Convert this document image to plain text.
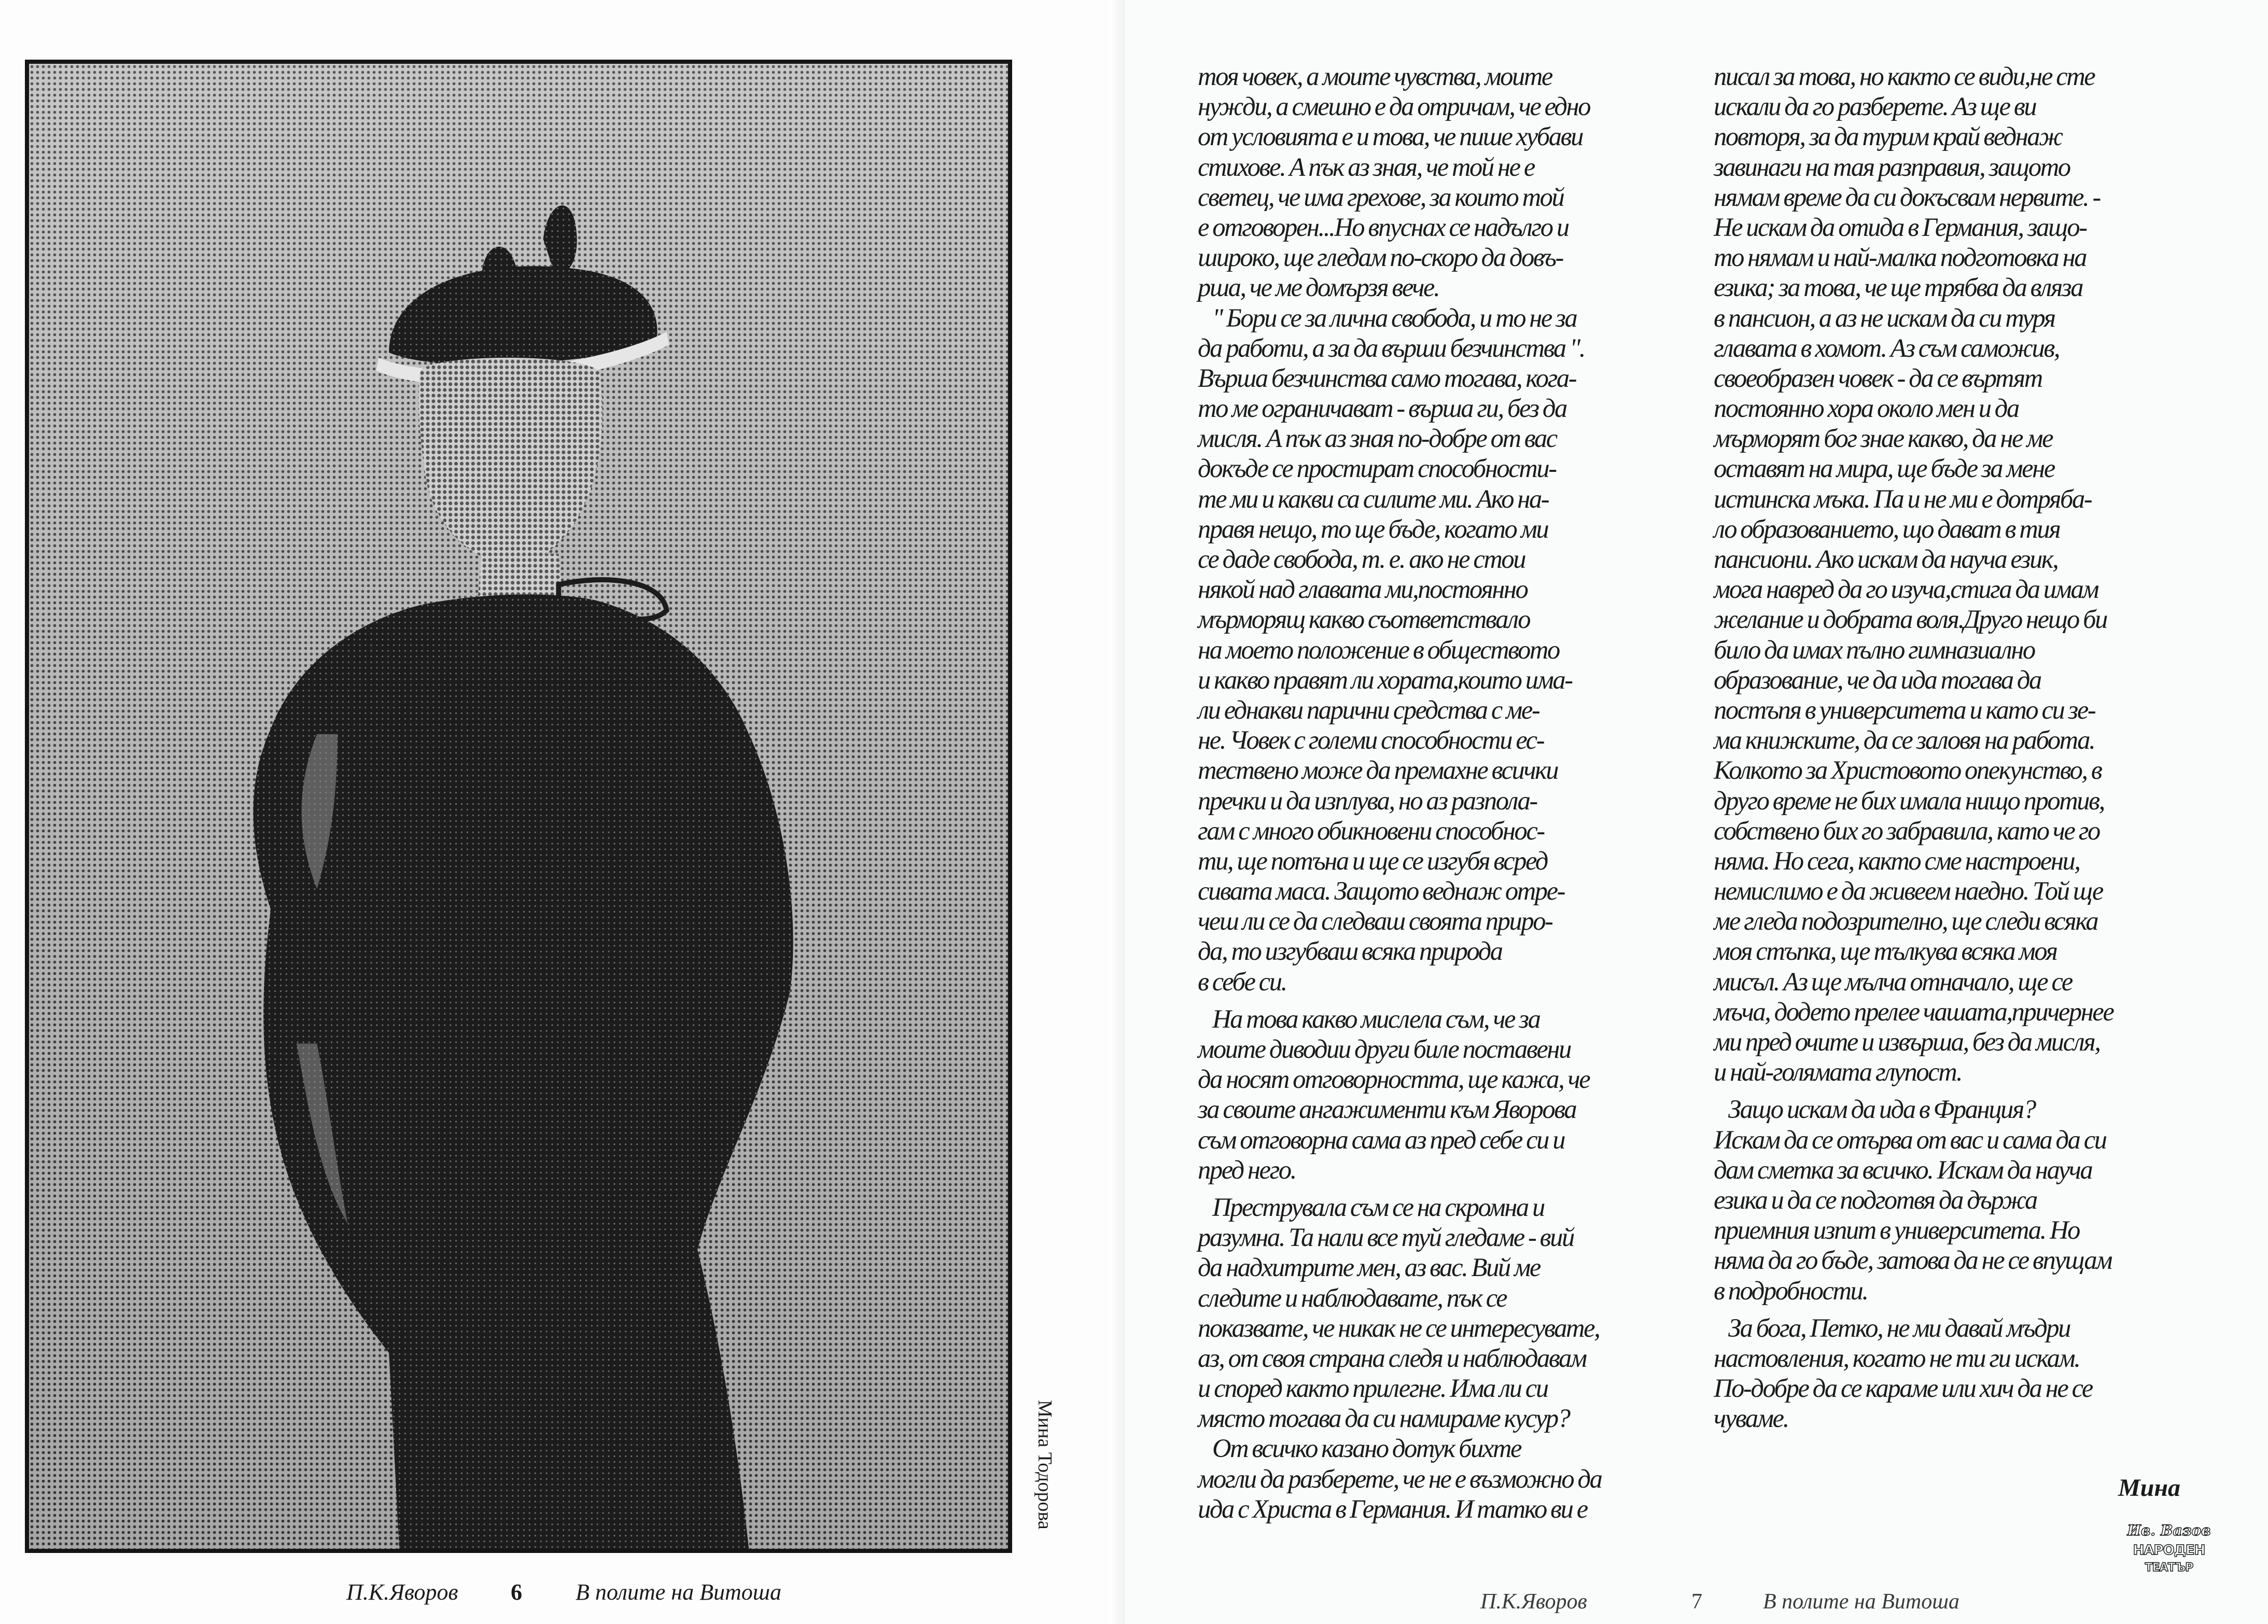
Мина Тодорова
П.К.Яворов 6 В полите на Витоша
тоя човек, а моите чувства, моите
нужди, а смешно е да отричам, че едно
от условията е и това, че пише хубави
стихове. А пък аз зная, че той не е
светец, че има грехове, за които той
е отговорен...Но впуснах се надълго и
широко, ще гледам по-скоро да довъ-
рша, че ме домързя вече.
" Бори се за лична свобода, и то не за
да работи, а за да върши безчинства ".
Върша безчинства само тогава, кога-
то ме ограничават - върша ги, без да
мисля. А пък аз зная по-добре от вас
докъде се простират способности-
те ми и какви са силите ми. Ако на-
правя нещо, то ще бъде, когато ми
се даде свобода, т. е. ако не стои
някой над главата ми,постоянно
мърморящ какво съответствало
на моето положение в обществото
и какво правят ли хората,които има-
ли еднакви парични средства с ме-
не. Човек с големи способности ес-
тествено може да премахне всички
пречки и да изплува, но аз разпола-
гам с много обикновени способнос-
ти, ще потъна и ще се изгубя всред
сивата маса. Защото веднаж отре-
чеш ли се да следваш своята приро-
да, то изгубваш всяка природа
в себе си.
На това какво мислела съм, че за
моите диводии други биле поставени
да носят отговорността, ще кажа, че
за своите ангажименти към Яворова
съм отговорна сама аз пред себе си и
пред него.
Преструвала съм се на скромна и
разумна. Та нали все туй гледаме - вий
да надхитрите мен, аз вас. Вий ме
следите и наблюдавате, пък се
показвате, че никак не се интересувате,
аз, от своя страна следя и наблюдавам
и според както прилегне. Има ли си
място тогава да си намираме кусур?
От всичко казано дотук бихте
могли да разберете, че не е възможно да
ида с Христа в Германия. И татко ви е
писал за това, но както се види,не сте
искали да го разберете. Аз ще ви
повторя, за да турим край веднаж
завинаги на тая разправия, защото
нямам време да си докъсвам нервите. -
Не искам да отида в Германия, защо-
то нямам и най-малка подготовка на
езика; за това, че ще трябва да вляза
в пансион, а аз не искам да си туря
главата в хомот. Аз съм саможив,
своеобразен човек - да се въртят
постоянно хора около мен и да
мърморят бог знае какво, да не ме
оставят на мира, ще бъде за мене
истинска мъка. Па и не ми е дотряба-
ло образованието, що дават в тия
пансиони. Ако искам да науча език,
мога навред да го изуча,стига да имам
желание и добрата воля.Друго нещо би
било да имах пълно гимназиално
образование, че да ида тогава да
постъпя в университета и като си зе-
ма книжките, да се заловя на работа.
Колкото за Христовото опекунство, в
друго време не бих имала нищо против,
собствено бих го забравила, като че го
няма. Но сега, както сме настроени,
немислимо е да живеем наедно. Той ще
ме гледа подозрително, ще следи всяка
моя стъпка, ще тълкува всяка моя
мисъл. Аз ще мълча отначало, ще се
мъча, додето прелее чашата,причернее
ми пред очите и извърша, без да мисля,
и най-голямата глупост.
Защо искам да ида в Франция?
Искам да се отърва от вас и сама да си
дам сметка за всичко. Искам да науча
езика и да се подготвя да държа
приемния изпит в университета. Но
няма да го бъде, затова да не се впущам
в подробности.
За бога, Петко, не ми давай мъдри
настовления, когато не ти ги искам.
По-добре да се караме или хич да не се
чуваме.
Мина
Ив. Вазов
НАРОДЕН
ТЕАТЪР
П.К.Яворов	7	В полите на Витоша
